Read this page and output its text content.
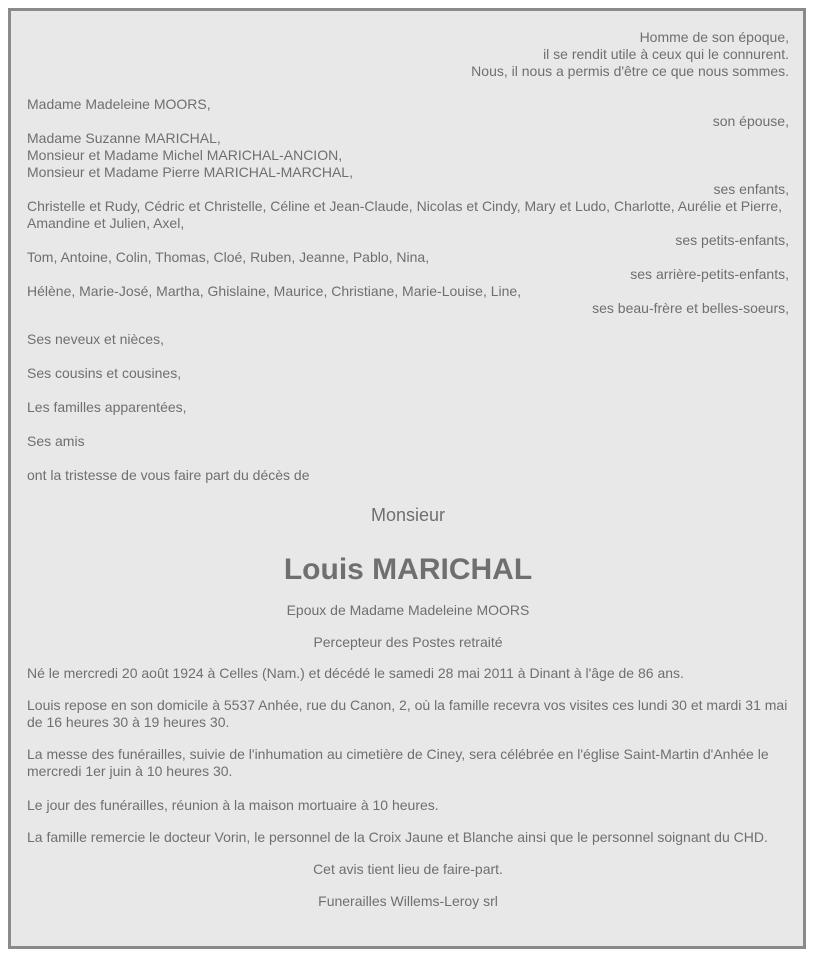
Homme de son époque,
il se rendit utile à ceux qui le connurent.
Nous, il nous a permis d'être ce que nous sommes.
Madame Madeleine MOORS,
son épouse,
Madame Suzanne MARICHAL,
Monsieur et Madame Michel MARICHAL-ANCION,
Monsieur et Madame Pierre MARICHAL-MARCHAL,
ses enfants,
Christelle et Rudy, Cédric et Christelle, Céline et Jean-Claude, Nicolas et Cindy, Mary et Ludo, Charlotte, Aurélie et Pierre, Amandine et Julien, Axel,
ses petits-enfants,
Tom, Antoine, Colin, Thomas, Cloé, Ruben, Jeanne, Pablo, Nina,
ses arrière-petits-enfants,
Hélène, Marie-José, Martha, Ghislaine, Maurice, Christiane, Marie-Louise, Line,
ses beau-frère et belles-soeurs,
Ses neveux et nièces,
Ses cousins et cousines,
Les familles apparentées,
Ses amis
ont la tristesse de vous faire part du décès de
Monsieur
Louis MARICHAL
Epoux de Madame Madeleine MOORS
Percepteur des Postes retraité
Né le mercredi 20 août 1924 à Celles (Nam.) et décédé le samedi 28 mai 2011 à Dinant à l'âge de 86 ans.
Louis repose en son domicile à 5537 Anhée, rue du Canon, 2, où la famille recevra vos visites ces lundi 30 et mardi 31 mai de 16 heures 30 à 19 heures 30.
La messe des funérailles, suivie de l'inhumation au cimetière de Ciney, sera célébrée en l'église Saint-Martin d'Anhée le mercredi 1er juin à 10 heures 30.
Le jour des funérailles, réunion à la maison mortuaire à 10 heures.
La famille remercie le docteur Vorin, le personnel de la Croix Jaune et Blanche ainsi que le personnel soignant du CHD.
Cet avis tient lieu de faire-part.
Funerailles Willems-Leroy srl
